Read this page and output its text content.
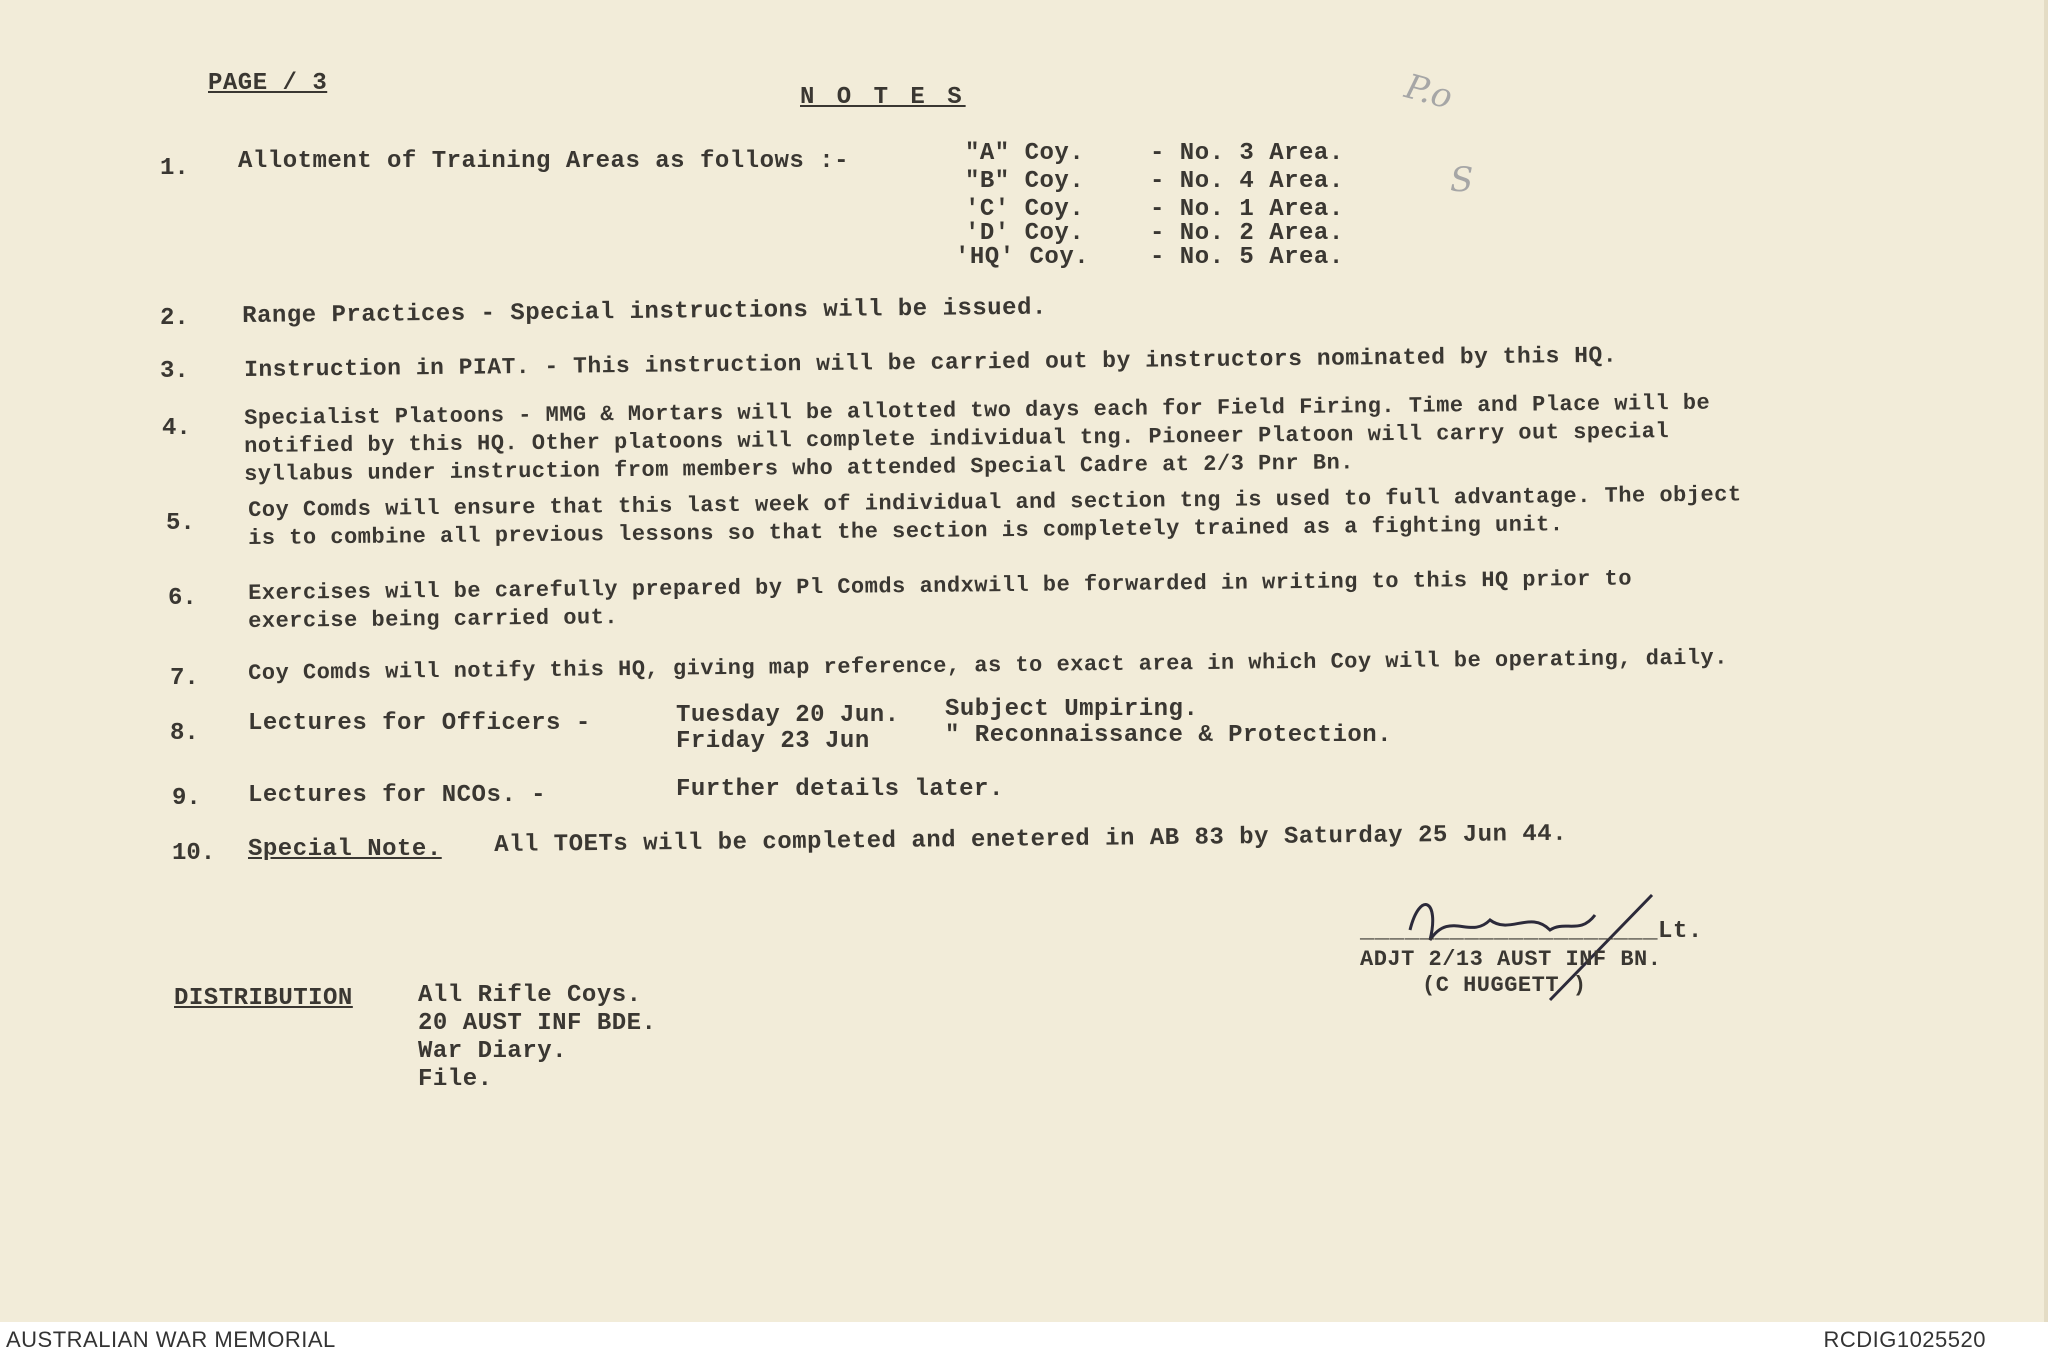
PAGE / 3
N O T E S	P.o
S
1. Allotment of Training Areas as follows :-	"A" Coy.	- No. 3 Area.
"B" Coy.	- No. 4 Area.
'C' Coy.	- No. 1 Area.
'D' Coy.	- No. 2 Area.
'HQ' Coy.	- No. 5 Area.
2. Range Practices - Special instructions will be issued.
3. Instruction in PIAT. - This instruction will be carried out by instructors nominated by this HQ.
4. Specialist Platoons - MMG & Mortars will be allotted two days each for Field Firing. Time and Place will be
notified by this HQ. Other platoons will complete individual tng. Pioneer Platoon will carry out special
syllabus under instruction from members who attended Special Cadre at 2/3 Pnr Bn.
5.
Coy Comds will ensure that this last week of individual and section tng is used to full advantage. The object
is to combine all previous lessons so that the section is completely trained as a fighting unit.
6. Exercises will be carefully prepared by Pl Comds andxwill be forwarded in writing to this HQ prior to
exercise being carried out.
7. Coy Comds will notify this HQ, giving map reference, as to exact area in which Coy will be operating, daily.
8. Lectures for Officers -	Tuesday 20 Jun. Subject Umpiring.
Friday 23 Jun	" Reconnaissance & Protection.
9. Lectures for NCOs. -	Further details later.
10. Special Note. All TOETs will be completed and enetered in AB 83 by Saturday 25 Jun 44.
____________________Lt.
ADJT 2/13 AUST INF BN.
(C HUGGETT )
DISTRIBUTION	All Rifle Coys.
20 AUST INF BDE.
War Diary.
File.
AUSTRALIAN WAR MEMORIAL	RCDIG1025520
